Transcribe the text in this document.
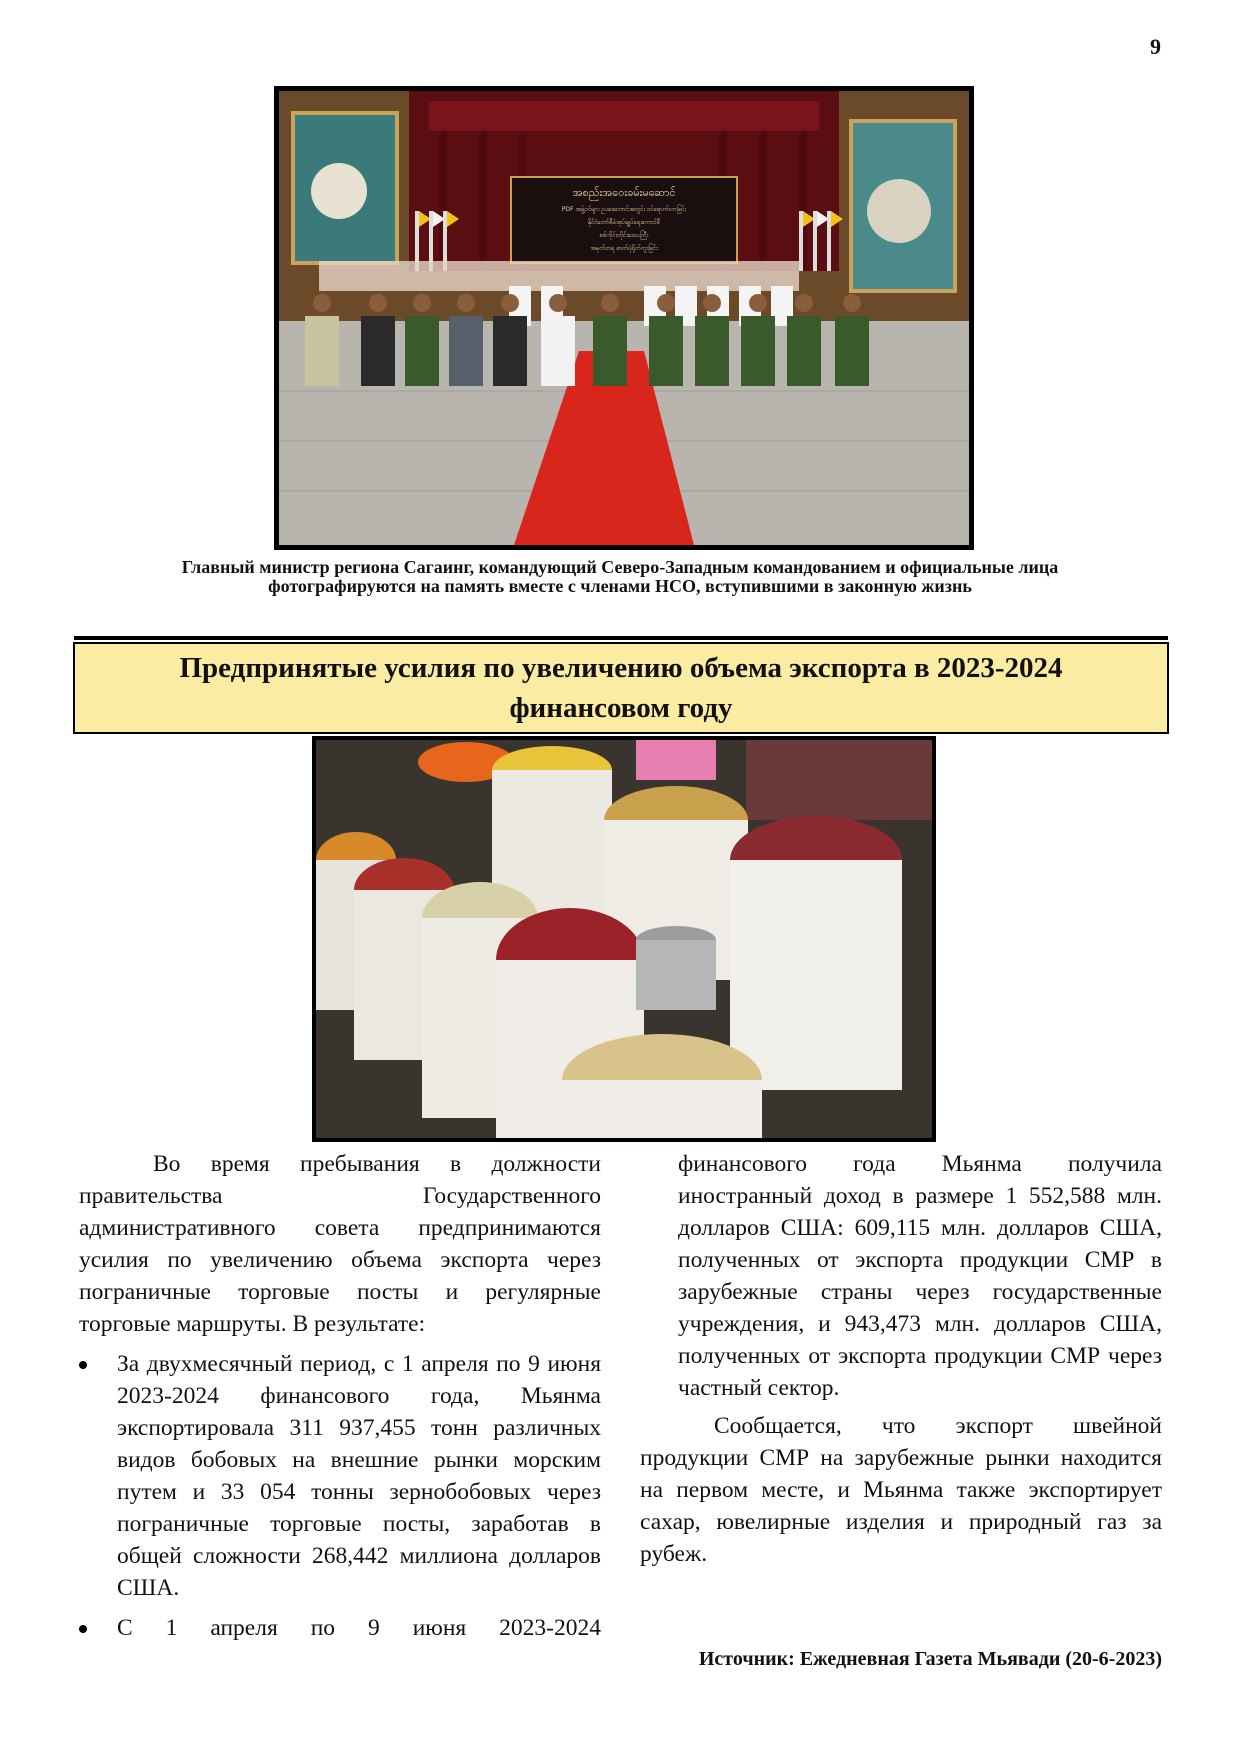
9
အစည်းအဝေးခမ်းမဆောင်
PDF အဖွဲ့ဝင်များ ဥပဒေဘောင်အတွင်း ဝင်ရောက်လာခြင်း
နိုင်ငံတော်စီမံအုပ်ချုပ်ရေးကောင်စီ
စစ်ကိုင်းတိုင်းဒေသကြီး
အမှတ်တရ ဓာတ်ပုံရိုက်ကူးခြင်း
Главный министр региона Сагаинг, командующий Северо-Западным командованием и официальные лица фотографируются на память вместе с членами НСО, вступившими в законную жизнь
Предпринятые усилия по увеличению объема экспорта в 2023-2024 финансовом году

Во время пребывания в должности правительства Государственного административного совета предпринимаются усилия по увеличению объема экспорта через пограничные торговые посты и регулярные торговые маршруты. В результате:

За двухмесячный период, с 1 апреля по 9 июня 2023-2024 финансового года, Мьянма экспортировала 311 937,455 тонн различных видов бобовых на внешние рынки морским путем и 33 054 тонны зернобобовых через пограничные торговые посты, заработав в общей сложности 268,442 миллиона долларов США.
С 1 апреля по 9 июня 2023-2024

финансового года Мьянма получила иностранный доход в размере 1 552,588 млн. долларов США: 609,115 млн. долларов США, полученных от экспорта продукции СМР в зарубежные страны через государственные учреждения, и 943,473 млн. долларов США, полученных от экспорта продукции СМР через частный сектор.

Сообщается, что экспорт швейной продукции СМР на зарубежные рынки находится на первом месте, и Мьянма также экспортирует сахар, ювелирные изделия и природный газ за рубеж.

Источник: Ежедневная Газета Мьявади (20-6-2023)
